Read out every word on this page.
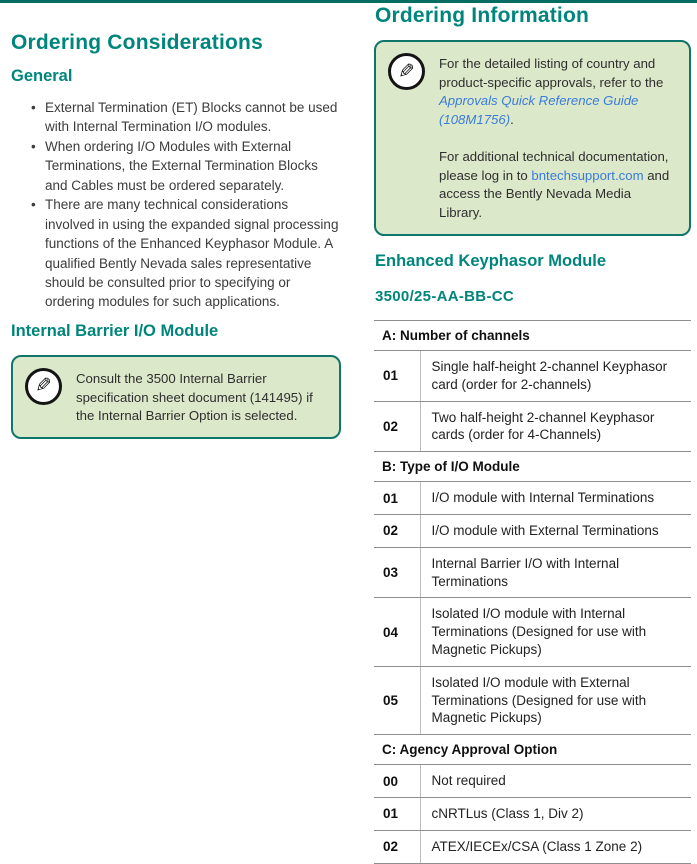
Ordering Considerations
General
• External Termination (ET) Blocks cannot be used with Internal Termination I/O modules.
• When ordering I/O Modules with External Terminations, the External Termination Blocks and Cables must be ordered separately.
• There are many technical considerations involved in using the expanded signal processing functions of the Enhanced Keyphasor Module. A qualified Bently Nevada sales representative should be consulted prior to specifying or ordering modules for such applications.
Internal Barrier I/O Module
✎ Consult the 3500 Internal Barrier specification sheet document (141495) if the Internal Barrier Option is selected.

Ordering Information
✎ For the detailed listing of country and product-specific approvals, refer to the Approvals Quick Reference Guide (108M1756).

For additional technical documentation, please log in to bntechsupport.com and access the Bently Nevada Media Library.

Enhanced Keyphasor Module
3500/25-AA-BB-CC
A: Number of channels	
01	Single half-height 2-channel Keyphasor card (order for 2-channels)
02	Two half-height 2-channel Keyphasor cards (order for 4-Channels)
B: Type of I/O Module	
01	I/O module with Internal Terminations
02	I/O module with External Terminations
03	Internal Barrier I/O with Internal Terminations
04	Isolated I/O module with Internal Terminations (Designed for use with Magnetic Pickups)
05	Isolated I/O module with External Terminations (Designed for use with Magnetic Pickups)
C: Agency Approval Option	
00	Not required
01	cNRTLus (Class 1, Div 2)
02	ATEX/IECEx/CSA (Class 1 Zone 2)
